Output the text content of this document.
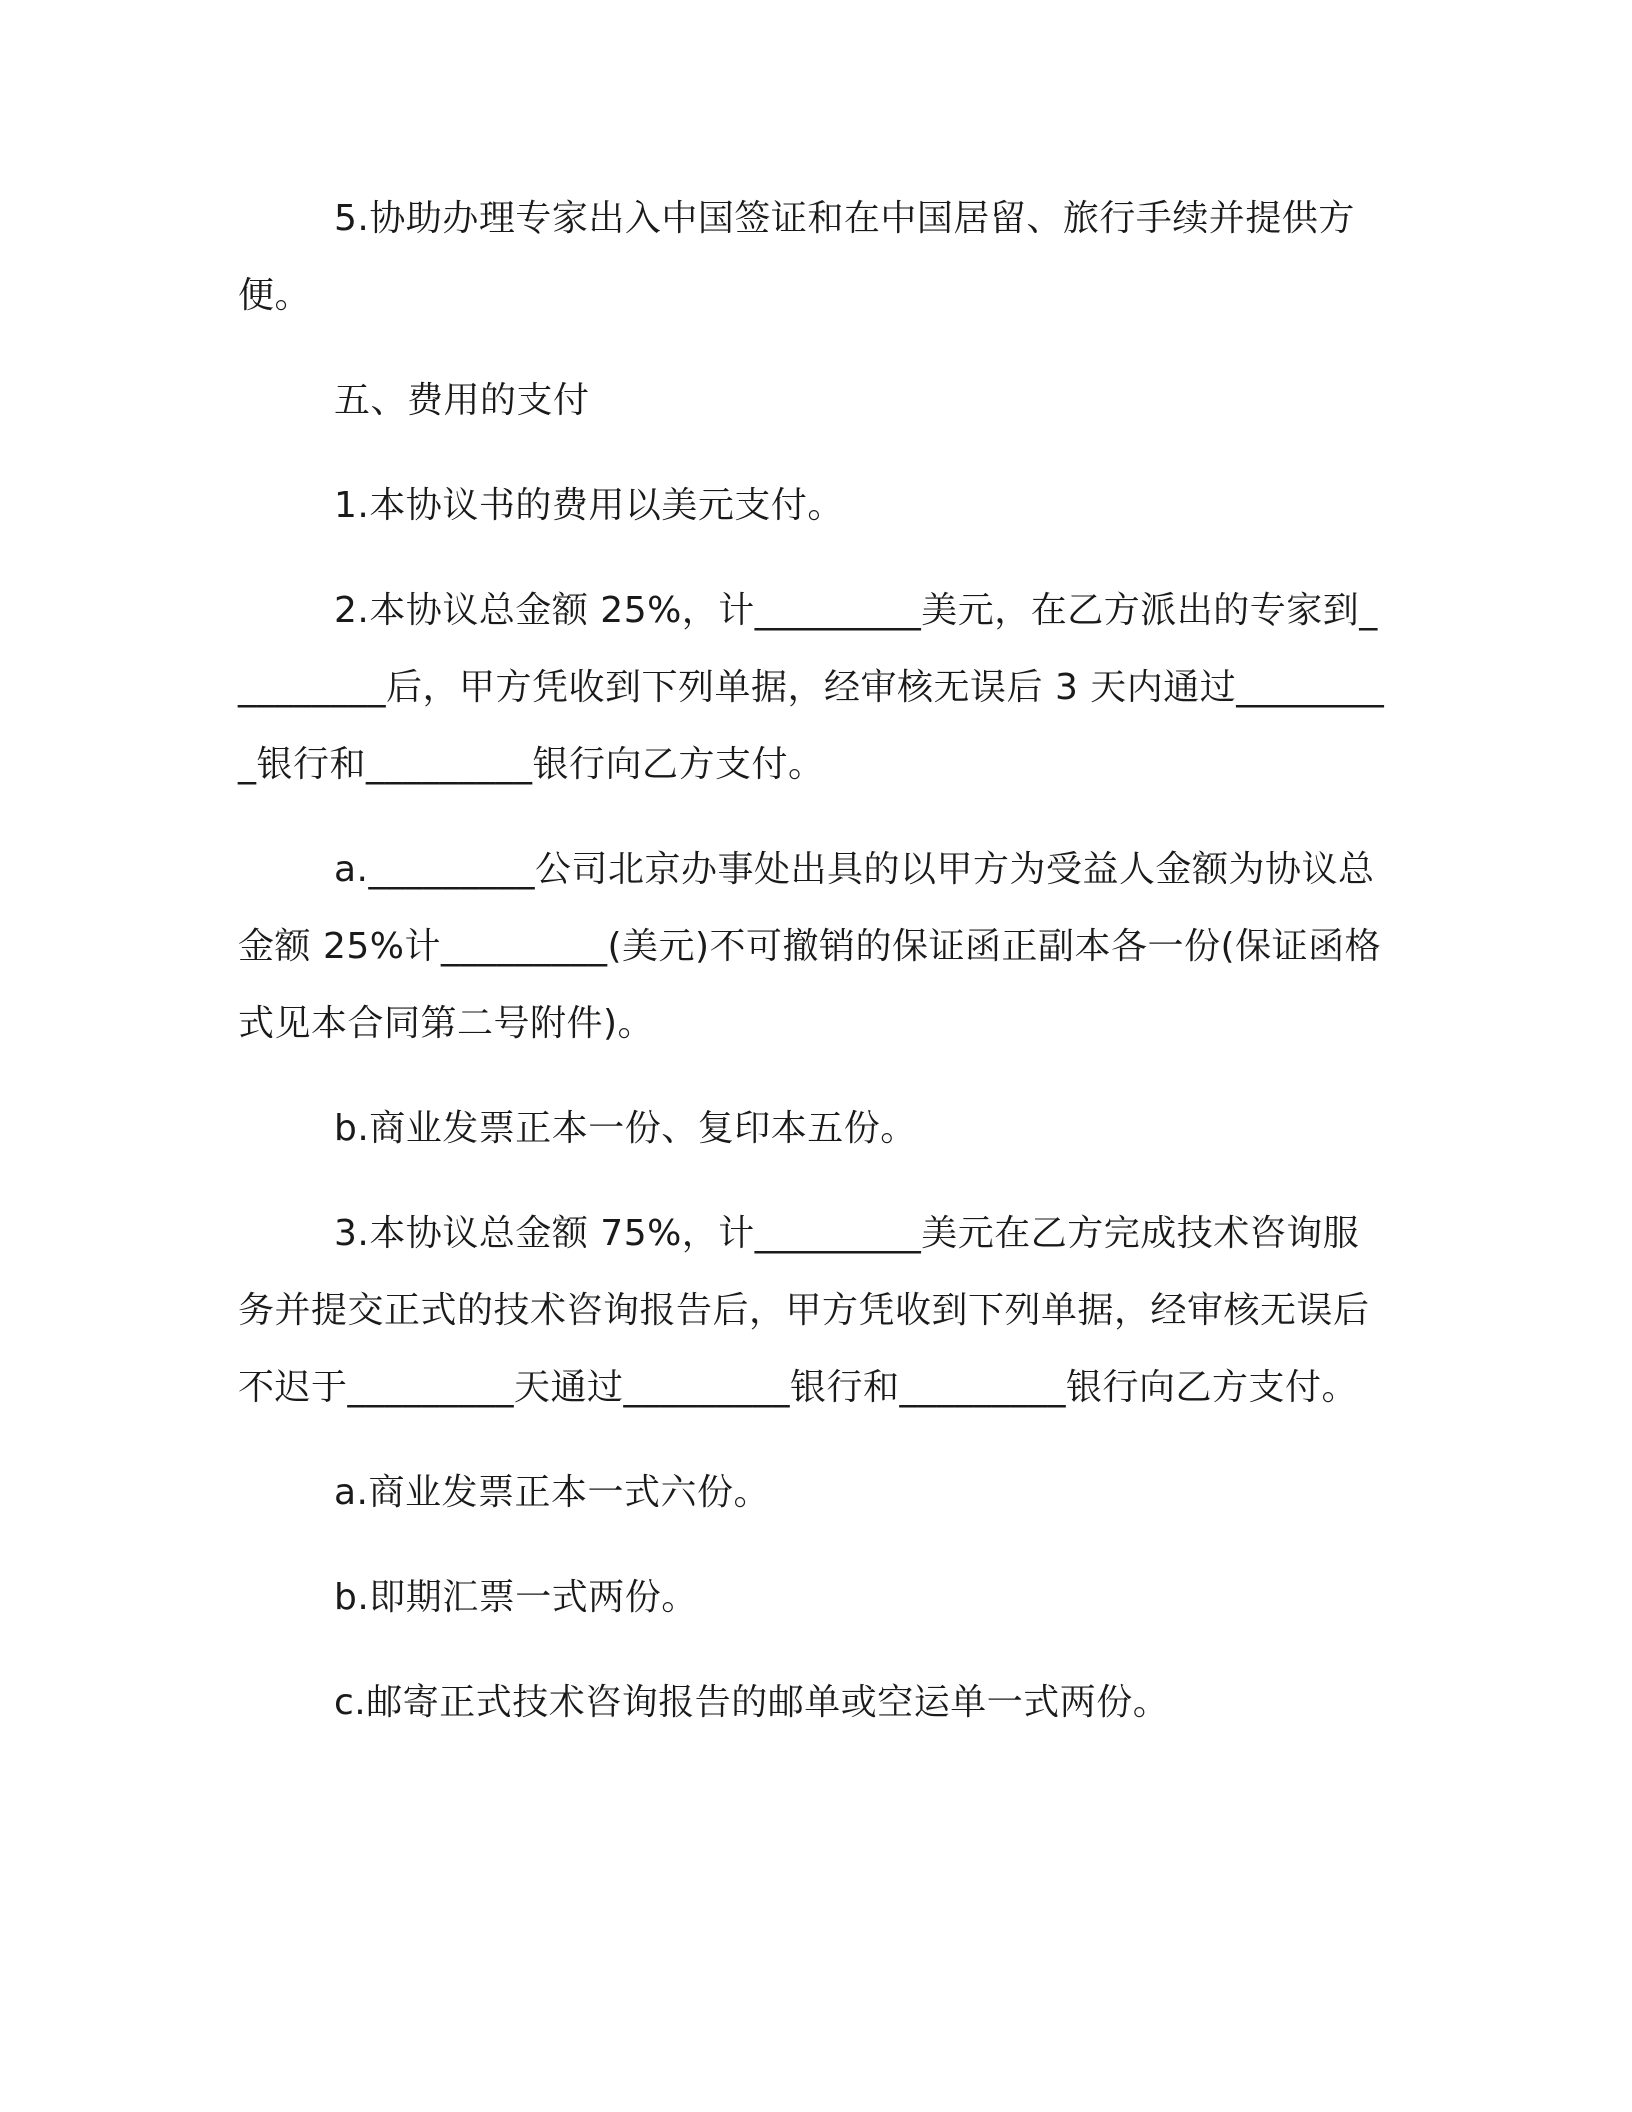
5.协助办理专家出入中国签证和在中国居留、旅行手续并提供方便。

五、费用的支付

1.本协议书的费用以美元支付。

2.本协议总金额 25%，计_________美元，在乙方派出的专家到_________后，甲方凭收到下列单据，经审核无误后 3 天内通过_________银行和_________银行向乙方支付。

a._________公司北京办事处出具的以甲方为受益人金额为协议总金额 25%计_________(美元)不可撤销的保证函正副本各一份(保证函格式见本合同第二号附件)。

b.商业发票正本一份、复印本五份。

3.本协议总金额 75%，计_________美元在乙方完成技术咨询服务并提交正式的技术咨询报告后，甲方凭收到下列单据，经审核无误后不迟于_________天通过_________银行和_________银行向乙方支付。

a.商业发票正本一式六份。

b.即期汇票一式两份。

c.邮寄正式技术咨询报告的邮单或空运单一式两份。
